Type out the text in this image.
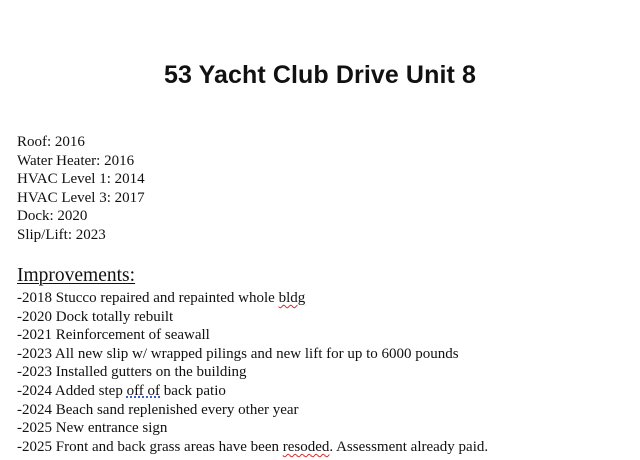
53 Yacht Club Drive Unit 8
Roof: 2016
Water Heater: 2016
HVAC Level 1: 2014
HVAC Level 3: 2017
Dock: 2020
Slip/Lift: 2023
Improvements:
-2018 Stucco repaired and repainted whole bldg
-2020 Dock totally rebuilt
-2021 Reinforcement of seawall
-2023 All new slip w/ wrapped pilings and new lift for up to 6000 pounds
-2023 Installed gutters on the building
-2024 Added step off of back patio
-2024 Beach sand replenished every other year
-2025 New entrance sign
-2025 Front and back grass areas have been resoded. Assessment already paid.
